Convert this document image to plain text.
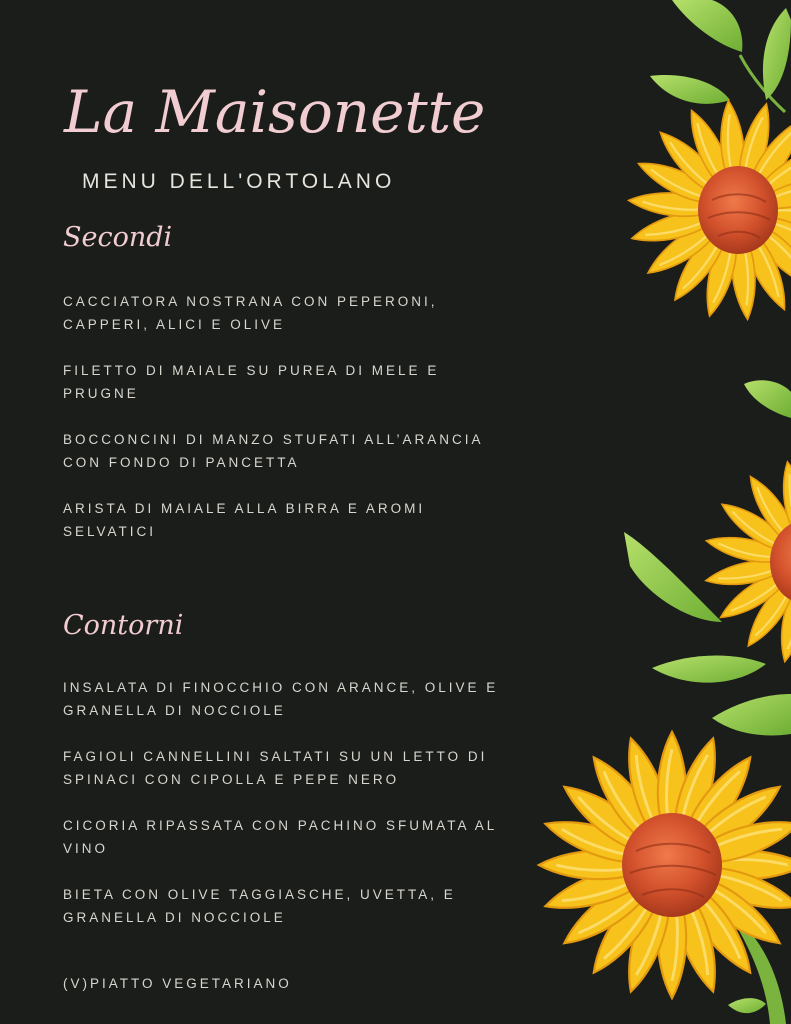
La Maisonette
MENU DELL'ORTOLANO
Secondi
CACCIATORA NOSTRANA CON PEPERONI, CAPPERI, ALICI E OLIVE
FILETTO DI MAIALE SU PUREA DI MELE E PRUGNE
BOCCONCINI DI MANZO STUFATI ALL’ARANCIA CON FONDO DI PANCETTA
ARISTA DI MAIALE ALLA BIRRA E AROMI SELVATICI
Contorni
INSALATA DI FINOCCHIO CON ARANCE, OLIVE E GRANELLA DI NOCCIOLE
FAGIOLI CANNELLINI SALTATI SU UN LETTO DI SPINACI CON CIPOLLA E PEPE NERO
CICORIA RIPASSATA CON PACHINO SFUMATA AL VINO
BIETA CON OLIVE TAGGIASCHE, UVETTA, E GRANELLA DI NOCCIOLE
(V)PIATTO VEGETARIANO
